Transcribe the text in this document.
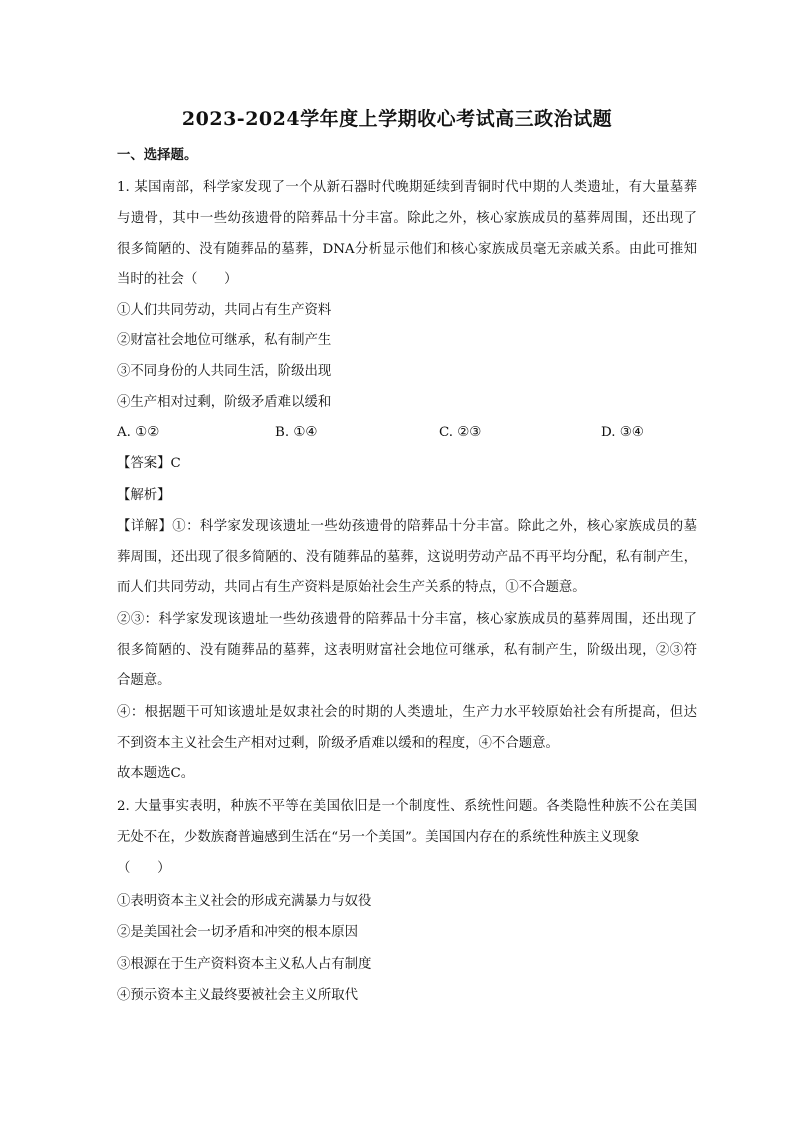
2023-2024学年度上学期收心考试高三政治试题
一、选择题。
1. 某国南部，科学家发现了一个从新石器时代晚期延续到青铜时代中期的人类遗址，有大量墓葬
与遗骨，其中一些幼孩遗骨的陪葬品十分丰富。除此之外，核心家族成员的墓葬周围，还出现了
很多简陋的、没有随葬品的墓葬，DNA分析显示他们和核心家族成员毫无亲戚关系。由此可推知
当时的社会（　　）
①人们共同劳动，共同占有生产资料
②财富社会地位可继承，私有制产生
③不同身份的人共同生活，阶级出现
④生产相对过剩，阶级矛盾难以缓和
A. ①②	B. ①④	C. ②③	D. ③④
【答案】C
【解析】
【详解】①：科学家发现该遗址一些幼孩遗骨的陪葬品十分丰富。除此之外，核心家族成员的墓
葬周围，还出现了很多简陋的、没有随葬品的墓葬，这说明劳动产品不再平均分配，私有制产生，
而人们共同劳动，共同占有生产资料是原始社会生产关系的特点，①不合题意。
②③：科学家发现该遗址一些幼孩遗骨的陪葬品十分丰富，核心家族成员的墓葬周围，还出现了
很多简陋的、没有随葬品的墓葬，这表明财富社会地位可继承，私有制产生，阶级出现，②③符
合题意。
④：根据题干可知该遗址是奴隶社会的时期的人类遗址，生产力水平较原始社会有所提高，但达
不到资本主义社会生产相对过剩，阶级矛盾难以缓和的程度，④不合题意。
故本题选C。
2. 大量事实表明，种族不平等在美国依旧是一个制度性、系统性问题。各类隐性种族不公在美国
无处不在，少数族裔普遍感到生活在“另一个美国”。美国国内存在的系统性种族主义现象
（　　）
①表明资本主义社会的形成充满暴力与奴役
②是美国社会一切矛盾和冲突的根本原因
③根源在于生产资料资本主义私人占有制度
④预示资本主义最终要被社会主义所取代
